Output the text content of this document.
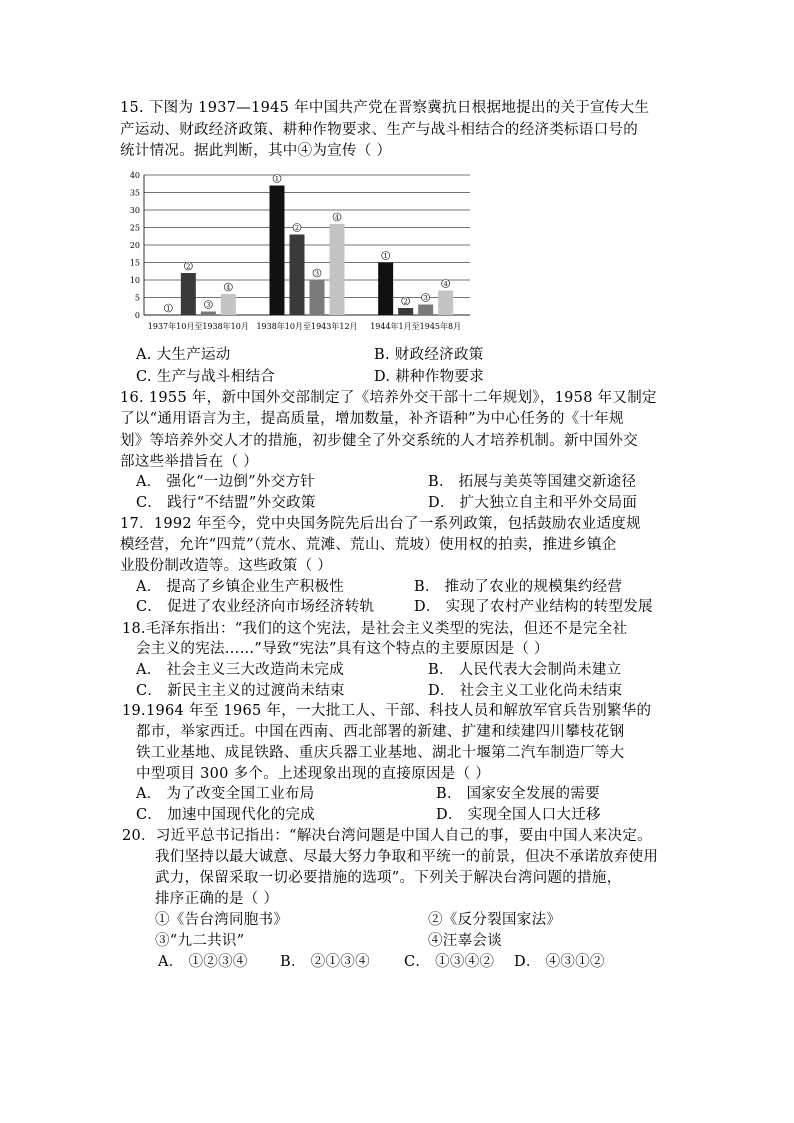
15. 下图为 1937—1945 年中国共产党在晋察冀抗日根据地提出的关于宣传大生
产运动、财政经济政策、耕种作物要求、生产与战斗相结合的经济类标语口号的
统计情况。据此判断，其中④为宣传（ ）
0
5
10
15
20
25
30
35
40
1
2
3
4
1937年10月至1938年10月
1
2
3
4
1938年10月至1943年12月
1
2 3
4
1944年1月至1945年8月
A. 大生产运动	B. 财政经济政策
C. 生产与战斗相结合	D. 耕种作物要求
16. 1955 年，新中国外交部制定了《培养外交干部十二年规划》，1958 年又制定
了以“通用语言为主，提高质量，增加数量，补齐语种”为中心任务的《十年规
划》等培养外交人才的措施，初步健全了外交系统的人才培养机制。新中国外交
部这些举措旨在（ ）
A． 强化“一边倒”外交方针	B． 拓展与美英等国建交新途径
C． 践行“不结盟”外交政策	D． 扩大独立自主和平外交局面
17．1992 年至今，党中央国务院先后出台了一系列政策，包括鼓励农业适度规
模经营，允许“四荒”（荒水、荒滩、荒山、荒坡）使用权的拍卖，推进乡镇企
业股份制改造等。这些政策（ ）
A． 提高了乡镇企业生产积极性	B． 推动了农业的规模集约经营
C． 促进了农业经济向市场经济转轨	D． 实现了农村产业结构的转型发展
18.毛泽东指出：“我们的这个宪法，是社会主义类型的宪法，但还不是完全社
会主义的宪法……”导致“宪法”具有这个特点的主要原因是（ ）
A． 社会主义三大改造尚未完成	B． 人民代表大会制尚未建立
C． 新民主主义的过渡尚未结束	D． 社会主义工业化尚未结束
19.1964 年至 1965 年，一大批工人、干部、科技人员和解放军官兵告别繁华的
都市，举家西迁。中国在西南、西北部署的新建、扩建和续建四川攀枝花钢
铁工业基地、成昆铁路、重庆兵器工业基地、湖北十堰第二汽车制造厂等大
中型项目 300 多个。上述现象出现的直接原因是（ ）
A． 为了改变全国工业布局	B． 国家安全发展的需要
C． 加速中国现代化的完成	D． 实现全国人口大迁移
20．习近平总书记指出：“解决台湾问题是中国人自己的事，要由中国人来决定。
我们坚持以最大诚意、尽最大努力争取和平统一的前景，但决不承诺放弃使用
武力，保留采取一切必要措施的选项”。下列关于解决台湾问题的措施，
排序正确的是（ ）
①《告台湾同胞书》	②《反分裂国家法》
③“九二共识”	④汪辜会谈
A． ①②③④ B． ②①③④ C． ①③④② D． ④③①②
